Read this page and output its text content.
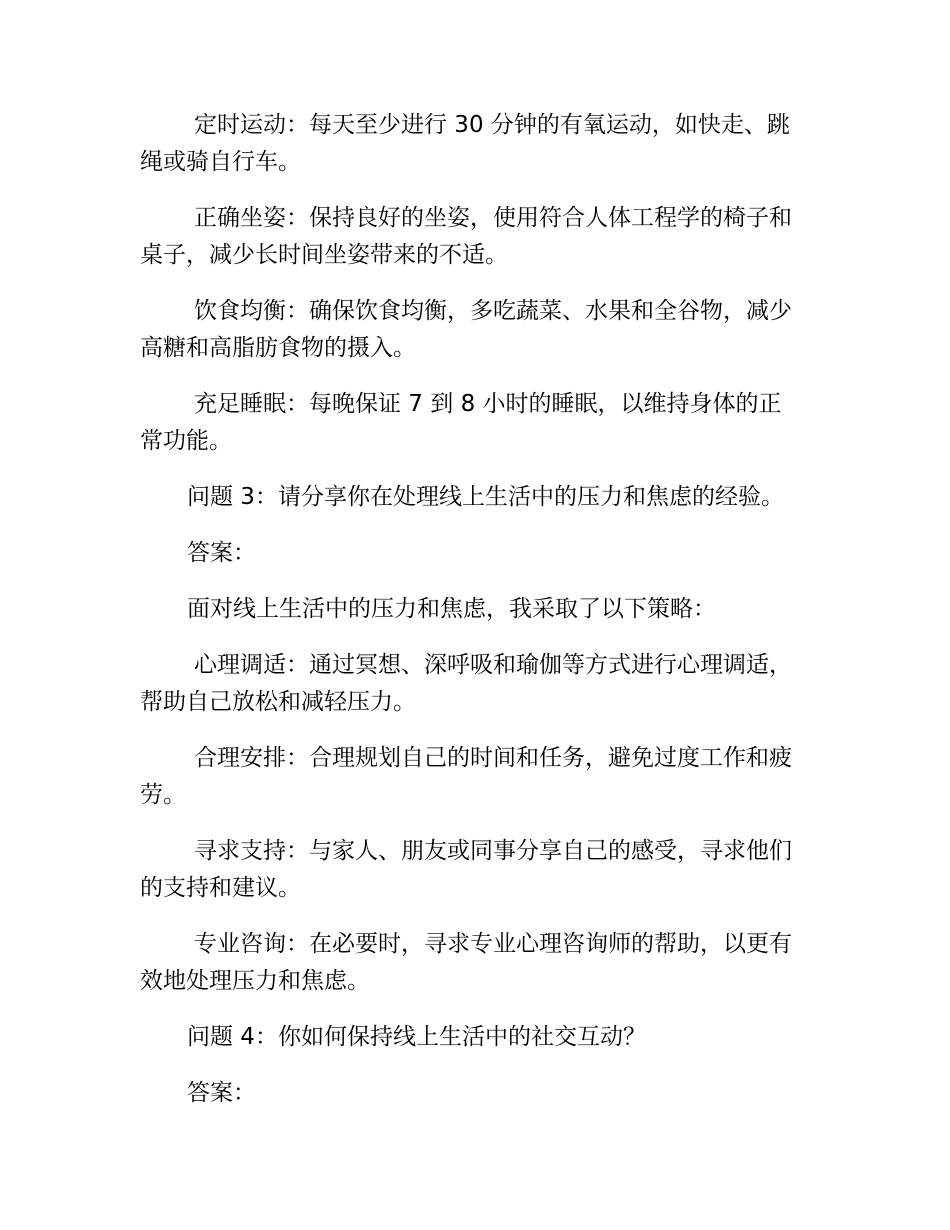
定时运动：每天至少进行 30 分钟的有氧运动，如快走、跳绳或骑自行车。

正确坐姿：保持良好的坐姿，使用符合人体工程学的椅子和桌子，减少长时间坐姿带来的不适。

饮食均衡：确保饮食均衡，多吃蔬菜、水果和全谷物，减少高糖和高脂肪食物的摄入。

充足睡眠：每晚保证 7 到 8 小时的睡眠，以维持身体的正常功能。

问题 3：请分享你在处理线上生活中的压力和焦虑的经验。

答案：

面对线上生活中的压力和焦虑，我采取了以下策略：

心理调适：通过冥想、深呼吸和瑜伽等方式进行心理调适，帮助自己放松和减轻压力。

合理安排：合理规划自己的时间和任务，避免过度工作和疲劳。

寻求支持：与家人、朋友或同事分享自己的感受，寻求他们的支持和建议。

专业咨询：在必要时，寻求专业心理咨询师的帮助，以更有效地处理压力和焦虑。

问题 4：你如何保持线上生活中的社交互动？

答案：
